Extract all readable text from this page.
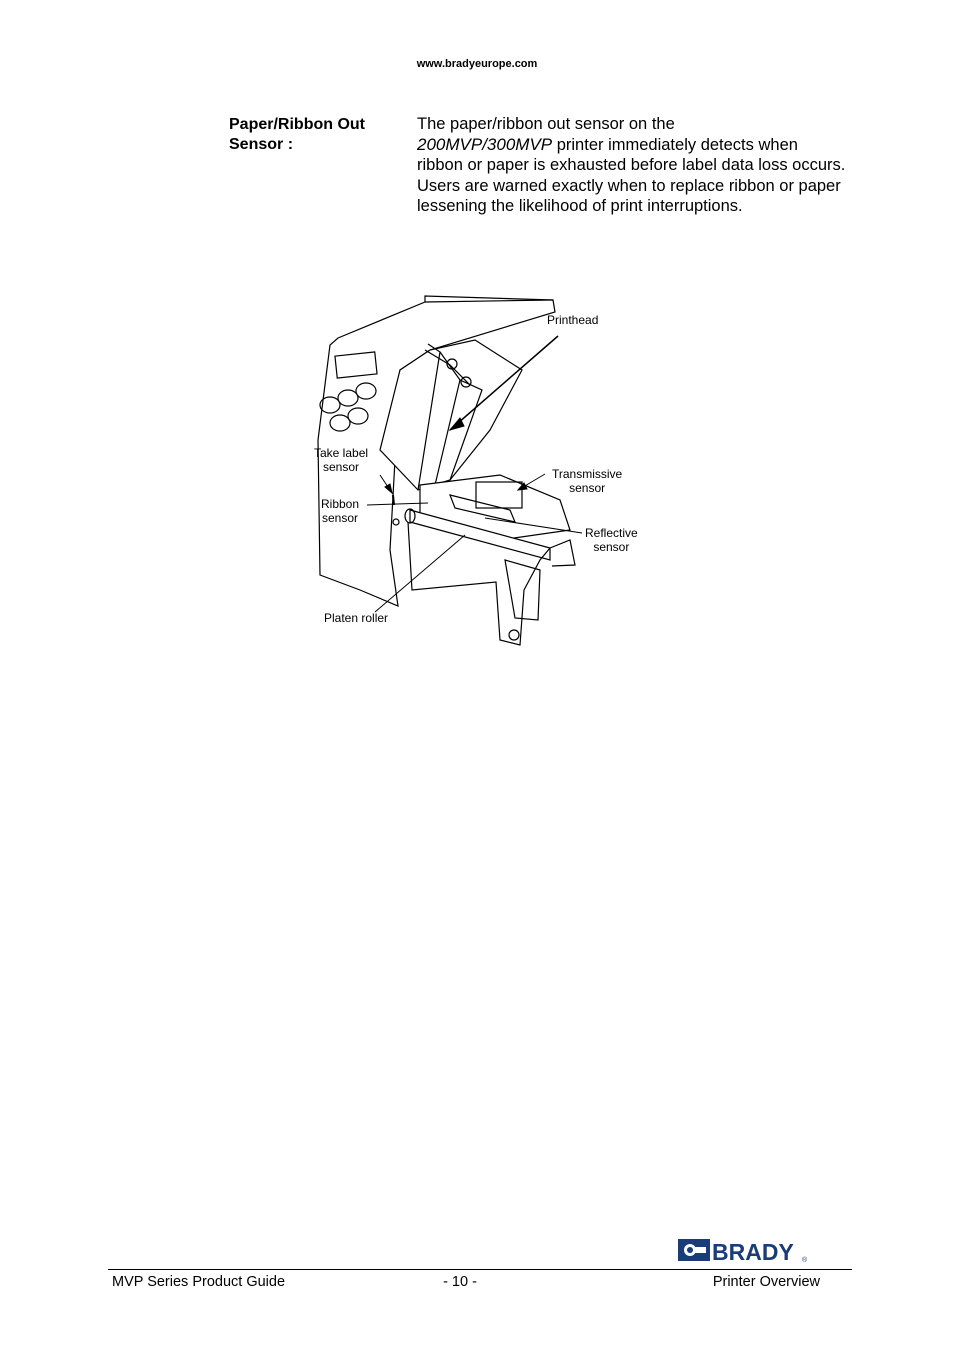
www.bradyeurope.com
Paper/Ribbon Out
Sensor :
The paper/ribbon out sensor on the
200MVP/300MVP printer immediately detects when ribbon or paper is exhausted before label data loss occurs. Users are warned exactly when to replace ribbon or paper lessening the likelihood of print interruptions.
Printhead
Take label
sensor
Ribbon
sensor
Transmissive
sensor
Reflective
sensor
Platen roller
BRADY ®
MVP Series Product Guide	- 10 -	Printer Overview
